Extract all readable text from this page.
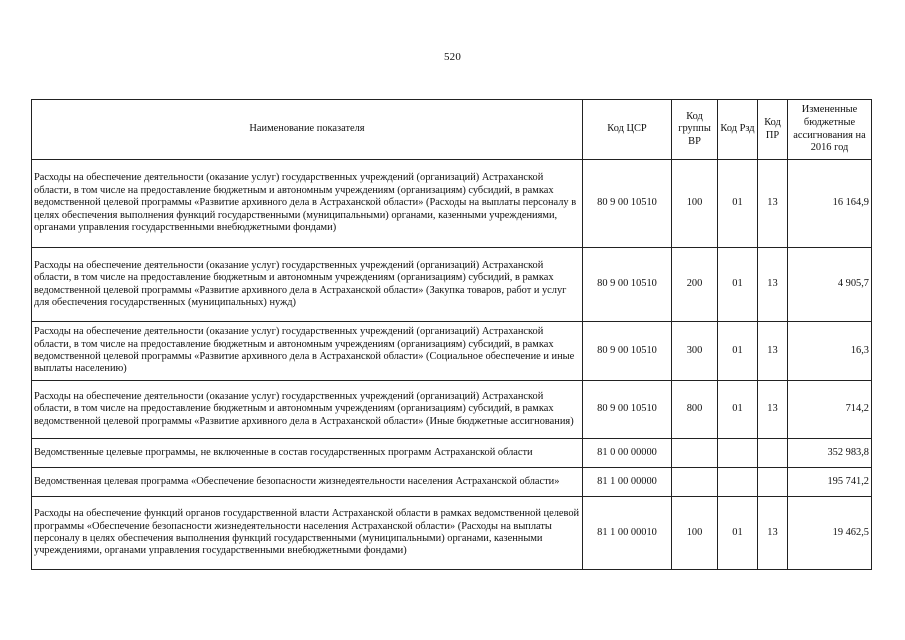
520
Наименование показателя	Код ЦСР	Код группы ВР	Код Рзд	Код ПР	Измененные бюджетные ассигнования на 2016 год
Расходы на обеспечение деятельности (оказание услуг) государственных учреждений (организаций) Астраханской области, в том числе на предоставление бюджетным и автономным учреждениям (организациям) субсидий, в рамках ведомственной целевой программы «Развитие архивного дела в Астраханской области» (Расходы на выплаты персоналу в целях обеспечения выполнения функций государственными (муниципальными) органами, казенными учреждениями, органами управления государственными внебюджетными фондами)	80 9 00 10510	100	01	13	16 164,9
Расходы на обеспечение деятельности (оказание услуг) государственных учреждений (организаций) Астраханской области, в том числе на предоставление бюджетным и автономным учреждениям (организациям) субсидий, в рамках ведомственной целевой программы «Развитие архивного дела в Астраханской области» (Закупка товаров, работ и услуг для обеспечения государственных (муниципальных) нужд)	80 9 00 10510	200	01	13	4 905,7
Расходы на обеспечение деятельности (оказание услуг) государственных учреждений (организаций) Астраханской области, в том числе на предоставление бюджетным и автономным учреждениям (организациям) субсидий, в рамках ведомственной целевой программы «Развитие архивного дела в Астраханской области» (Социальное обеспечение и иные выплаты населению)	80 9 00 10510	300	01	13	16,3
Расходы на обеспечение деятельности (оказание услуг) государственных учреждений (организаций) Астраханской области, в том числе на предоставление бюджетным и автономным учреждениям (организациям) субсидий, в рамках ведомственной целевой программы «Развитие архивного дела в Астраханской области» (Иные бюджетные ассигнования)	80 9 00 10510	800	01	13	714,2
Ведомственные целевые программы, не включенные в состав государственных программ Астраханской области	81 0 00 00000				352 983,8
Ведомственная целевая программа «Обеспечение безопасности жизнедеятельности населения Астраханской области»	81 1 00 00000				195 741,2
Расходы на обеспечение функций органов государственной власти Астраханской области в рамках ведомственной целевой программы «Обеспечение безопасности жизнедеятельности населения Астраханской области» (Расходы на выплаты персоналу в целях обеспечения выполнения функций государственными (муниципальными) органами, казенными учреждениями, органами управления государственными внебюджетными фондами)	81 1 00 00010	100	01	13	19 462,5
